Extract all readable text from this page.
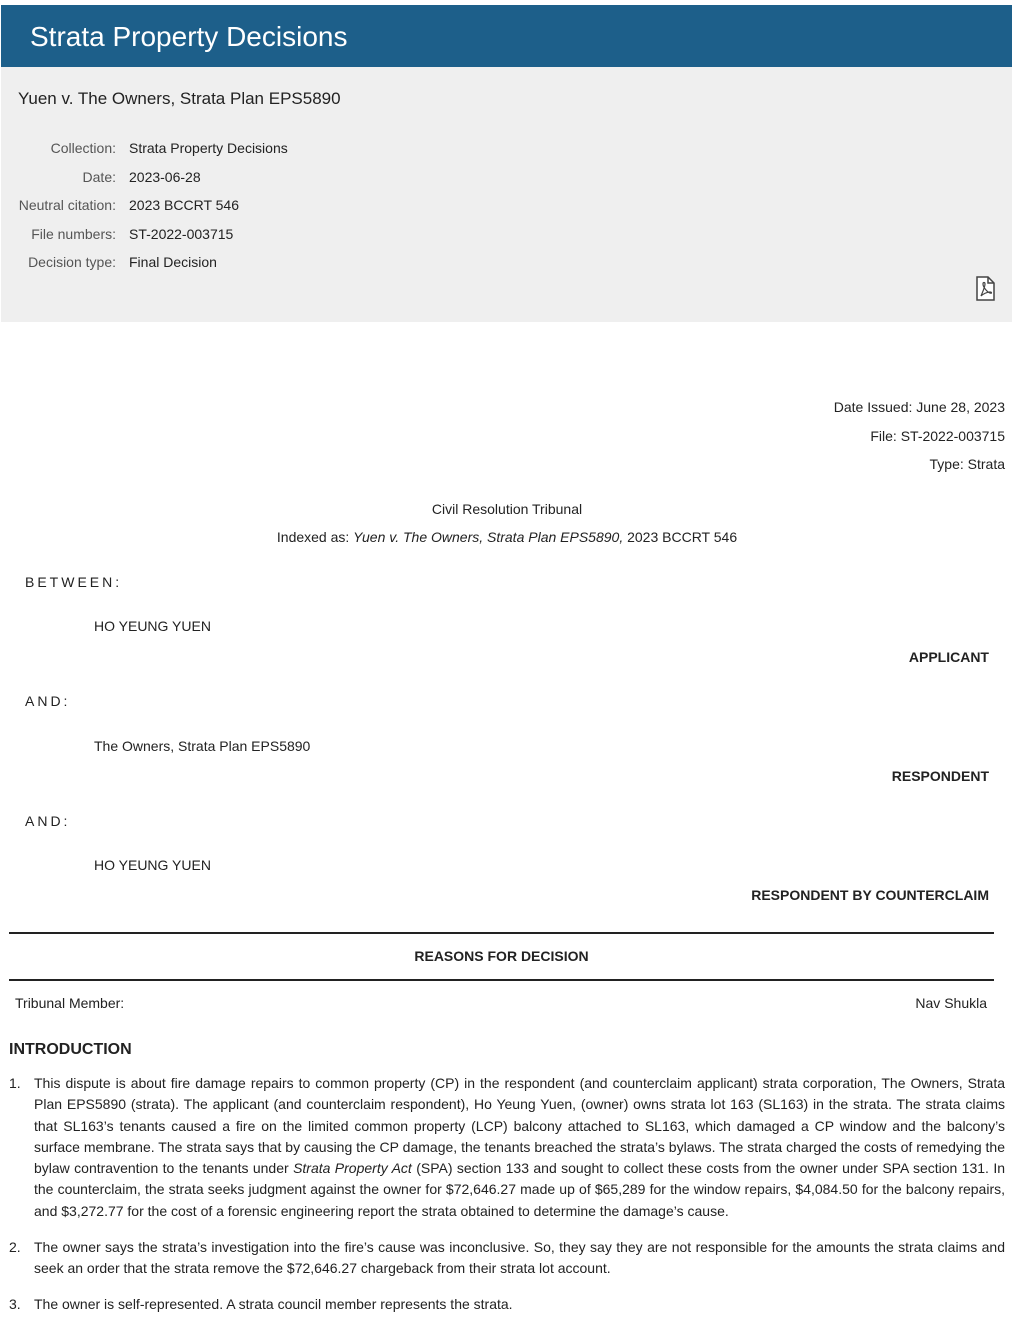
Strata Property Decisions
Yuen v. The Owners, Strata Plan EPS5890
Collection: Strata Property Decisions
Date: 2023-06-28
Neutral citation: 2023 BCCRT 546
File numbers: ST-2022-003715
Decision type: Final Decision
Date Issued: June 28, 2023
File: ST-2022-003715
Type: Strata
Civil Resolution Tribunal
Indexed as: Yuen v. The Owners, Strata Plan EPS5890, 2023 BCCRT 546
BETWEEN:
HO YEUNG YUEN
APPLICANT
AND:
The Owners, Strata Plan EPS5890
RESPONDENT
AND:
HO YEUNG YUEN
RESPONDENT BY COUNTERCLAIM
REASONS FOR DECISION
Tribunal Member:	Nav Shukla
INTRODUCTION
1. This dispute is about fire damage repairs to common property (CP) in the respondent (and counterclaim applicant) strata corporation, The Owners, Strata Plan EPS5890 (strata). The applicant (and counterclaim respondent), Ho Yeung Yuen, (owner) owns strata lot 163 (SL163) in the strata. The strata claims that SL163’s tenants caused a fire on the limited common property (LCP) balcony attached to SL163, which damaged a CP window and the balcony’s surface membrane. The strata says that by causing the CP damage, the tenants breached the strata’s bylaws. The strata charged the costs of remedying the bylaw contravention to the tenants under Strata Property Act (SPA) section 133 and sought to collect these costs from the owner under SPA section 131. In the counterclaim, the strata seeks judgment against the owner for $72,646.27 made up of $65,289 for the window repairs, $4,084.50 for the balcony repairs, and $3,272.77 for the cost of a forensic engineering report the strata obtained to determine the damage’s cause.
2. The owner says the strata’s investigation into the fire’s cause was inconclusive. So, they say they are not responsible for the amounts the strata claims and seek an order that the strata remove the $72,646.27 chargeback from their strata lot account.
3. The owner is self-represented. A strata council member represents the strata.
